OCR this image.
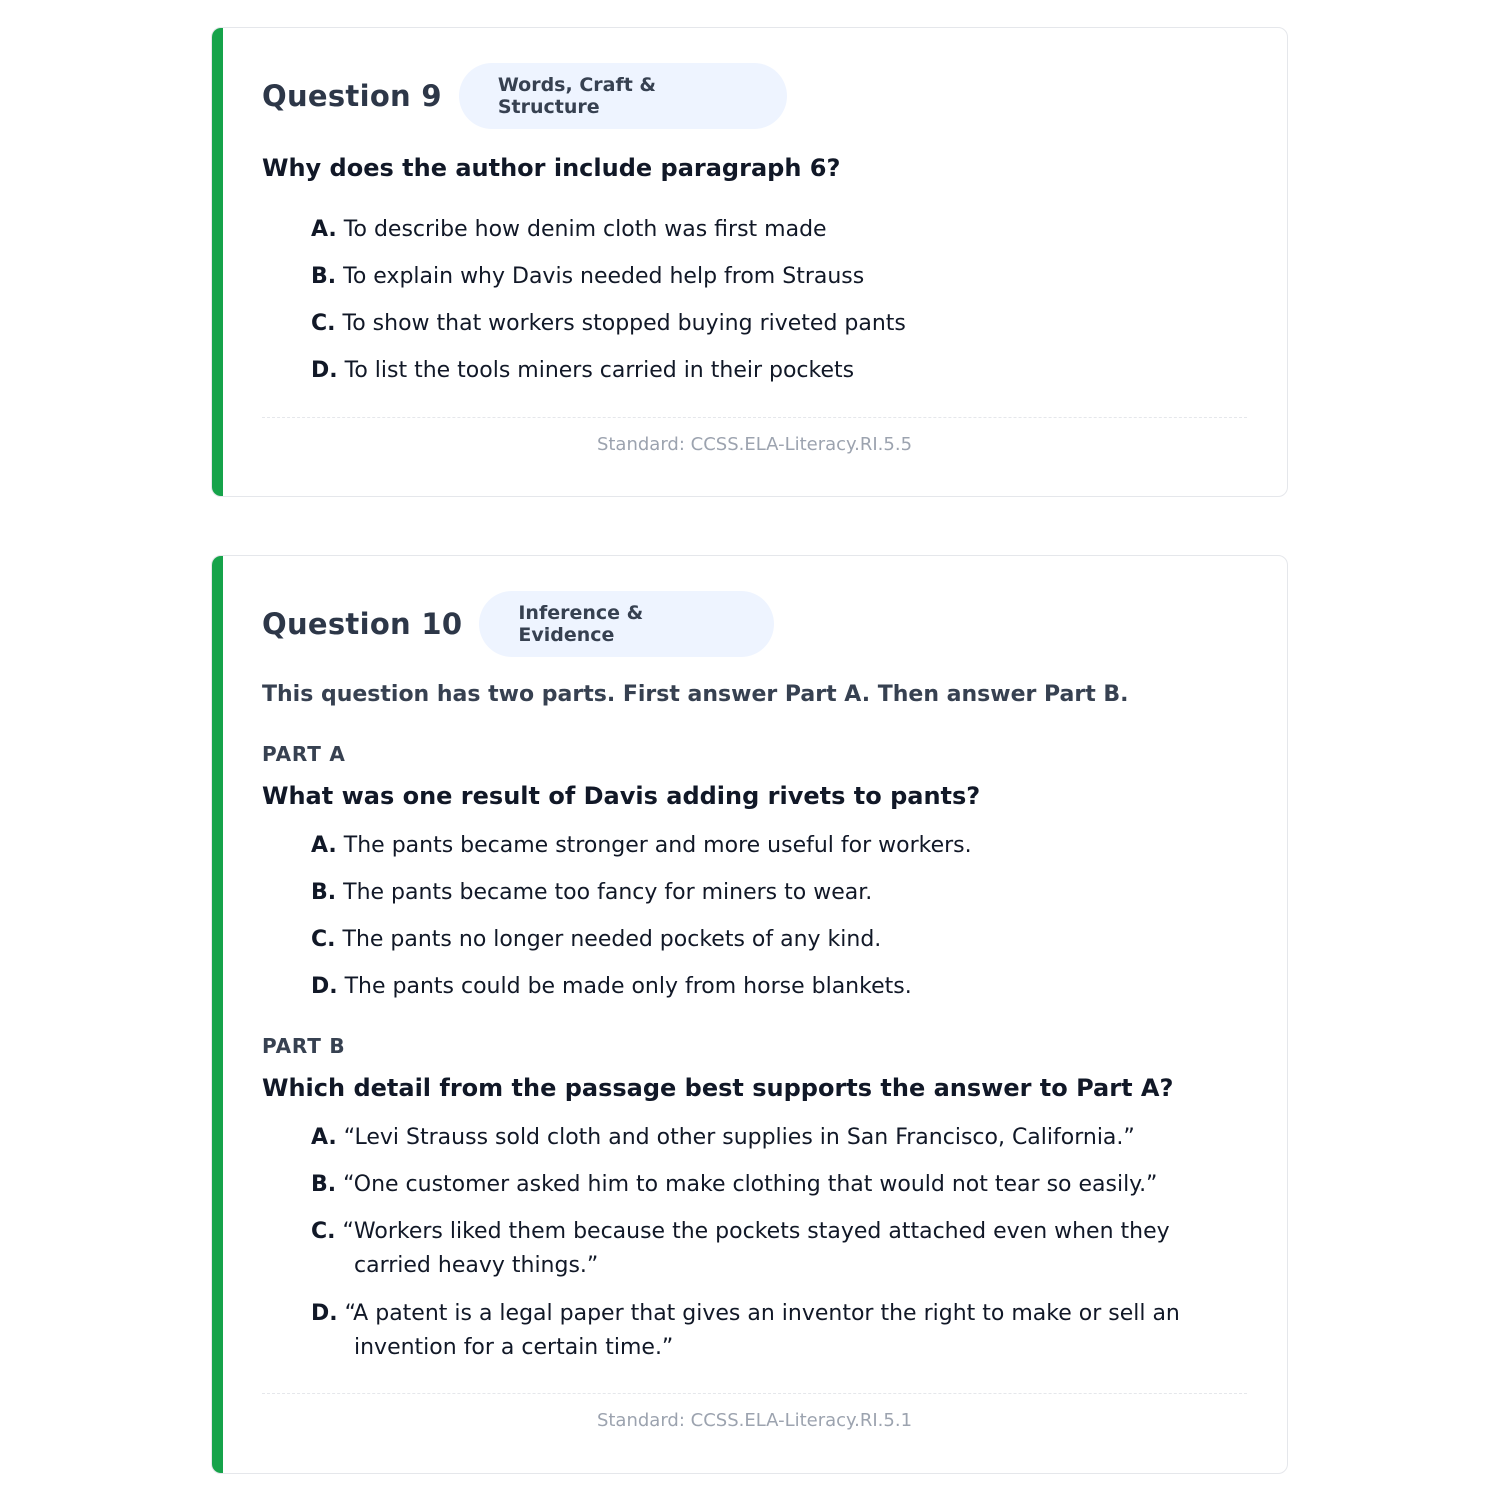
Question 9	Words, Craft & Structure
Why does the author include paragraph 6?
A. To describe how denim cloth was first made
B. To explain why Davis needed help from Strauss
C. To show that workers stopped buying riveted pants
D. To list the tools miners carried in their pockets
Standard: CCSS.ELA-Literacy.RI.5.5
Question 10	Inference & Evidence
This question has two parts. First answer Part A. Then answer Part B.
PART A
What was one result of Davis adding rivets to pants?
A. The pants became stronger and more useful for workers.
B. The pants became too fancy for miners to wear.
C. The pants no longer needed pockets of any kind.
D. The pants could be made only from horse blankets.
PART B
Which detail from the passage best supports the answer to Part A?
A. “Levi Strauss sold cloth and other supplies in San Francisco, California.”
B. “One customer asked him to make clothing that would not tear so easily.”
C. “Workers liked them because the pockets stayed attached even when they carried heavy things.”
D. “A patent is a legal paper that gives an inventor the right to make or sell an invention for a certain time.”
Standard: CCSS.ELA-Literacy.RI.5.1
